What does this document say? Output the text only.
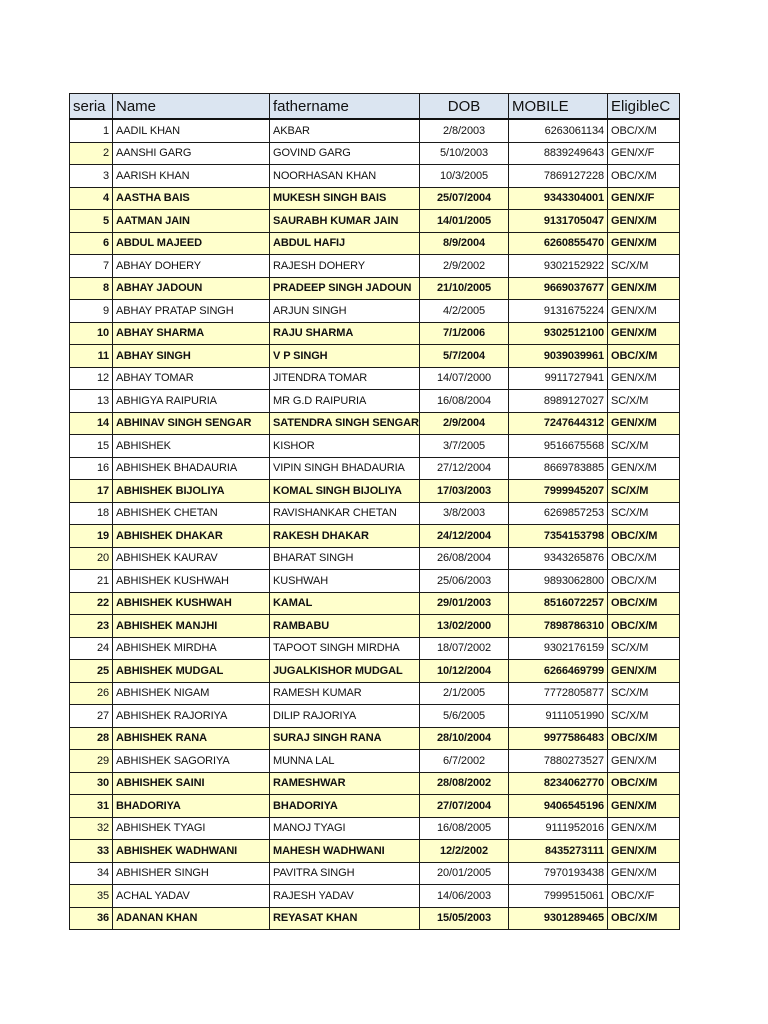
seria	Name	fathername	DOB	MOBILE	EligibleC
1	AADIL KHAN	AKBAR	2/8/2003	6263061134	OBC/X/M
2	AANSHI GARG	GOVIND GARG	5/10/2003	8839249643	GEN/X/F
3	AARISH KHAN	NOORHASAN KHAN	10/3/2005	7869127228	OBC/X/M
4	AASTHA BAIS	MUKESH SINGH BAIS	25/07/2004	9343304001	GEN/X/F
5	AATMAN JAIN	SAURABH KUMAR JAIN	14/01/2005	9131705047	GEN/X/M
6	ABDUL MAJEED	ABDUL HAFIJ	8/9/2004	6260855470	GEN/X/M
7	ABHAY DOHERY	RAJESH DOHERY	2/9/2002	9302152922	SC/X/M
8	ABHAY JADOUN	PRADEEP SINGH JADOUN	21/10/2005	9669037677	GEN/X/M
9	ABHAY PRATAP SINGH	ARJUN SINGH	4/2/2005	9131675224	GEN/X/M
10	ABHAY SHARMA	RAJU SHARMA	7/1/2006	9302512100	GEN/X/M
11	ABHAY SINGH	V P SINGH	5/7/2004	9039039961	OBC/X/M
12	ABHAY TOMAR	JITENDRA TOMAR	14/07/2000	9911727941	GEN/X/M
13	ABHIGYA RAIPURIA	MR G.D RAIPURIA	16/08/2004	8989127027	SC/X/M
14	ABHINAV SINGH SENGAR	SATENDRA SINGH SENGAR	2/9/2004	7247644312	GEN/X/M
15	ABHISHEK	KISHOR	3/7/2005	9516675568	SC/X/M
16	ABHISHEK BHADAURIA	VIPIN SINGH BHADAURIA	27/12/2004	8669783885	GEN/X/M
17	ABHISHEK BIJOLIYA	KOMAL SINGH BIJOLIYA	17/03/2003	7999945207	SC/X/M
18	ABHISHEK CHETAN	RAVISHANKAR CHETAN	3/8/2003	6269857253	SC/X/M
19	ABHISHEK DHAKAR	RAKESH DHAKAR	24/12/2004	7354153798	OBC/X/M
20	ABHISHEK KAURAV	BHARAT SINGH	26/08/2004	9343265876	OBC/X/M
21	ABHISHEK KUSHWAH	KUSHWAH	25/06/2003	9893062800	OBC/X/M
22	ABHISHEK KUSHWAH	KAMAL	29/01/2003	8516072257	OBC/X/M
23	ABHISHEK MANJHI	RAMBABU	13/02/2000	7898786310	OBC/X/M
24	ABHISHEK MIRDHA	TAPOOT SINGH MIRDHA	18/07/2002	9302176159	SC/X/M
25	ABHISHEK MUDGAL	JUGALKISHOR MUDGAL	10/12/2004	6266469799	GEN/X/M
26	ABHISHEK NIGAM	RAMESH KUMAR	2/1/2005	7772805877	SC/X/M
27	ABHISHEK RAJORIYA	DILIP RAJORIYA	5/6/2005	9111051990	SC/X/M
28	ABHISHEK RANA	SURAJ SINGH RANA	28/10/2004	9977586483	OBC/X/M
29	ABHISHEK SAGORIYA	MUNNA LAL	6/7/2002	7880273527	GEN/X/M
30	ABHISHEK SAINI	RAMESHWAR	28/08/2002	8234062770	OBC/X/M
31	BHADORIYA	BHADORIYA	27/07/2004	9406545196	GEN/X/M
32	ABHISHEK TYAGI	MANOJ TYAGI	16/08/2005	9111952016	GEN/X/M
33	ABHISHEK WADHWANI	MAHESH WADHWANI	12/2/2002	8435273111	GEN/X/M
34	ABHISHER SINGH	PAVITRA SINGH	20/01/2005	7970193438	GEN/X/M
35	ACHAL YADAV	RAJESH YADAV	14/06/2003	7999515061	OBC/X/F
36	ADANAN KHAN	REYASAT KHAN	15/05/2003	9301289465	OBC/X/M
